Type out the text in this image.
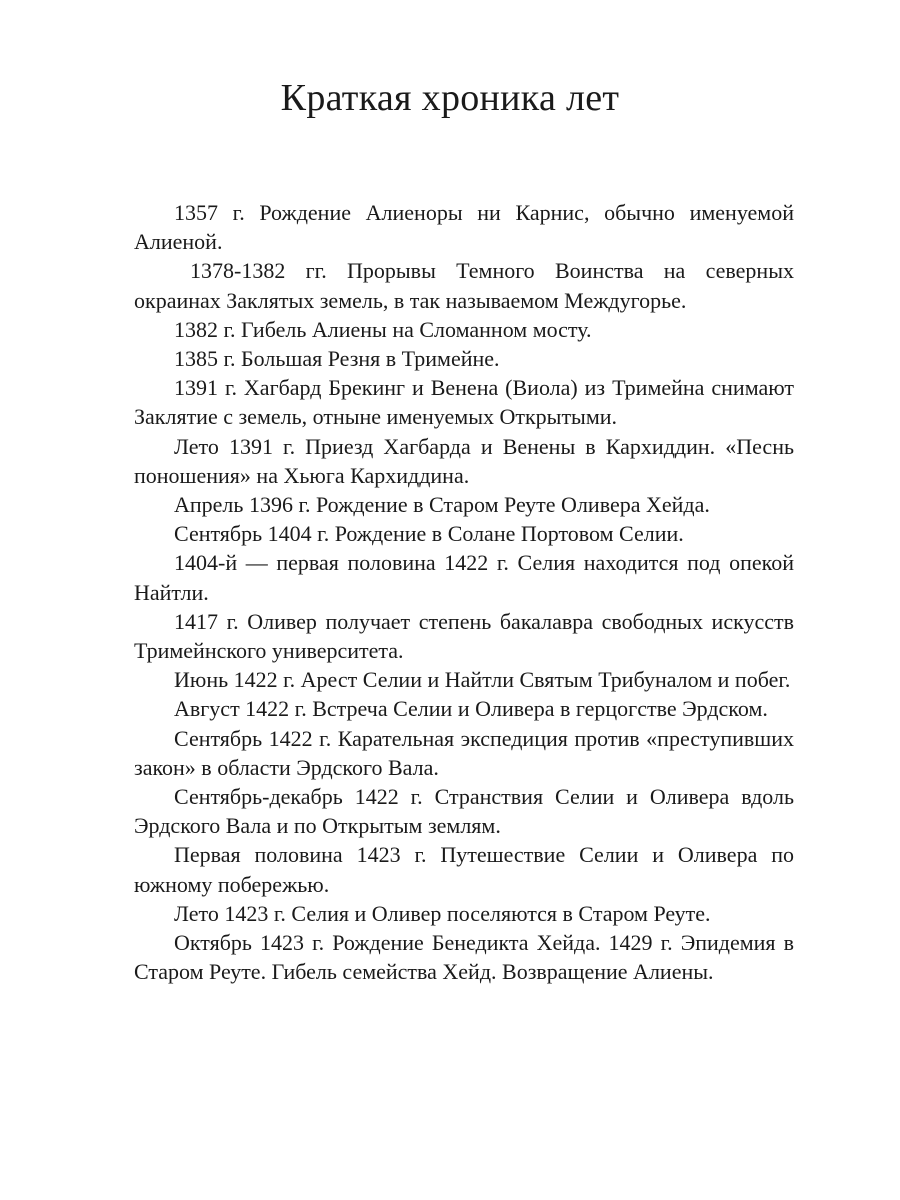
Краткая хроника лет

1357 г. Рождение Алиеноры ни Карнис, обычно именуемой Алиеной.

1378-1382 гг. Прорывы Темного Воинства на северных окраинах Заклятых земель, в так называемом Междугорье.

1382 г. Гибель Алиены на Сломанном мосту.

1385 г. Большая Резня в Тримейне.

1391 г. Хагбард Брекинг и Венена (Виола) из Тримейна снимают Заклятие с земель, отныне именуемых Открытыми.

Лето 1391 г. Приезд Хагбарда и Венены в Кархиддин. «Песнь поношения» на Хьюга Кархиддина.

Апрель 1396 г. Рождение в Старом Реуте Оливера Хейда.

Сентябрь 1404 г. Рождение в Солане Портовом Селии.

1404-й — первая половина 1422 г. Селия находится под опекой Найтли.

1417 г. Оливер получает степень бакалавра свободных искусств Тримейнского университета.

Июнь 1422 г. Арест Селии и Найтли Святым Трибуналом и побег.

Август 1422 г. Встреча Селии и Оливера в герцогстве Эрдском.

Сентябрь 1422 г. Карательная экспедиция против «преступивших закон» в области Эрдского Вала.

Сентябрь-декабрь 1422 г. Странствия Селии и Оливера вдоль Эрдского Вала и по Открытым землям.

Первая половина 1423 г. Путешествие Селии и Оливера по южному побережью.

Лето 1423 г. Селия и Оливер поселяются в Старом Реуте.

Октябрь 1423 г. Рождение Бенедикта Хейда. 1429 г. Эпидемия в Старом Реуте. Гибель семейства Хейд. Возвращение Алиены.
